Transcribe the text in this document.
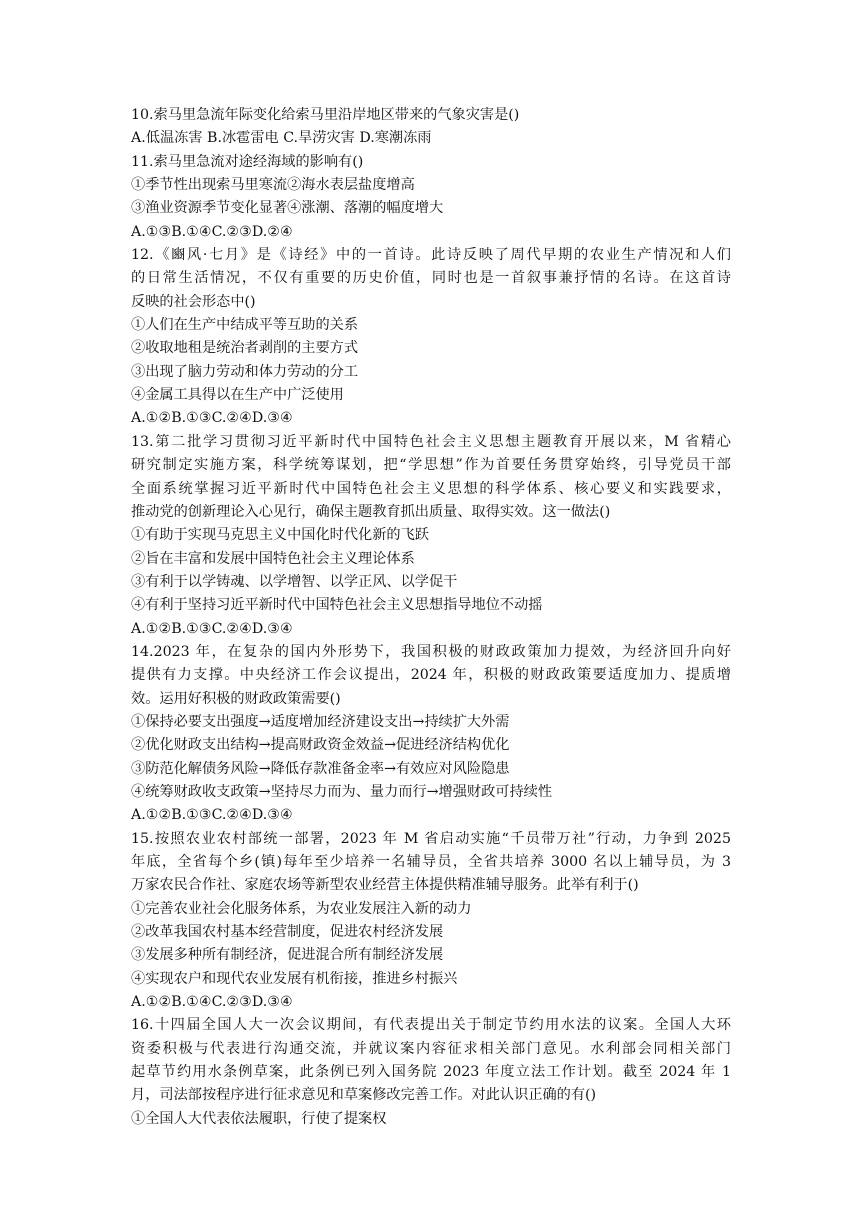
10.索马里急流年际变化给索马里沿岸地区带来的气象灾害是()
A.低温冻害 B.冰雹雷电 C.旱涝灾害 D.寒潮冻雨
11.索马里急流对途经海域的影响有()
①季节性出现索马里寒流②海水表层盐度增高
③渔业资源季节变化显著④涨潮、落潮的幅度增大
A.①③B.①④C.②③D.②④
12.《豳风·七月》是《诗经》中的一首诗。此诗反映了周代早期的农业生产情况和人们
的日常生活情况，不仅有重要的历史价值，同时也是一首叙事兼抒情的名诗。在这首诗
反映的社会形态中()
①人们在生产中结成平等互助的关系
②收取地租是统治者剥削的主要方式
③出现了脑力劳动和体力劳动的分工
④金属工具得以在生产中广泛使用
A.①②B.①③C.②④D.③④
13.第二批学习贯彻习近平新时代中国特色社会主义思想主题教育开展以来，M 省精心
研究制定实施方案，科学统筹谋划，把“学思想”作为首要任务贯穿始终，引导党员干部
全面系统掌握习近平新时代中国特色社会主义思想的科学体系、核心要义和实践要求，
推动党的创新理论入心见行，确保主题教育抓出质量、取得实效。这一做法()
①有助于实现马克思主义中国化时代化新的飞跃
②旨在丰富和发展中国特色社会主义理论体系
③有利于以学铸魂、以学增智、以学正风、以学促干
④有利于坚持习近平新时代中国特色社会主义思想指导地位不动摇
A.①②B.①③C.②④D.③④
14.2023 年，在复杂的国内外形势下，我国积极的财政政策加力提效，为经济回升向好
提供有力支撑。中央经济工作会议提出，2024 年，积极的财政政策要适度加力、提质增
效。运用好积极的财政政策需要()
①保持必要支出强度→适度增加经济建设支出→持续扩大外需
②优化财政支出结构→提高财政资金效益→促进经济结构优化
③防范化解债务风险→降低存款准备金率→有效应对风险隐患
④统筹财政收支政策→坚持尽力而为、量力而行→增强财政可持续性
A.①②B.①③C.②④D.③④
15.按照农业农村部统一部署，2023 年 M 省启动实施“千员带万社”行动，力争到 2025
年底，全省每个乡(镇)每年至少培养一名辅导员，全省共培养 3000 名以上辅导员，为 3
万家农民合作社、家庭农场等新型农业经营主体提供精准辅导服务。此举有利于()
①完善农业社会化服务体系，为农业发展注入新的动力
②改革我国农村基本经营制度，促进农村经济发展
③发展多种所有制经济，促进混合所有制经济发展
④实现农户和现代农业发展有机衔接，推进乡村振兴
A.①②B.①④C.②③D.③④
16.十四届全国人大一次会议期间，有代表提出关于制定节约用水法的议案。全国人大环
资委积极与代表进行沟通交流，并就议案内容征求相关部门意见。水利部会同相关部门
起草节约用水条例草案，此条例已列入国务院 2023 年度立法工作计划。截至 2024 年 1
月，司法部按程序进行征求意见和草案修改完善工作。对此认识正确的有()
①全国人大代表依法履职，行使了提案权
